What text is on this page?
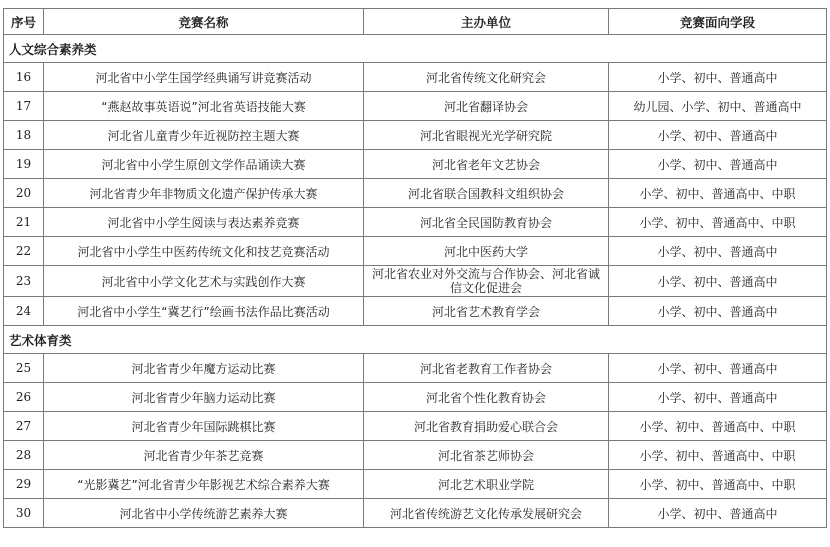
序号	竞赛名称	主办单位	竞赛面向学段
人文综合素养类			
16	河北省中小学生国学经典诵写讲竞赛活动	河北省传统文化研究会	小学、初中、普通高中
17	“燕赵故事英语说”河北省英语技能大赛	河北省翻译协会	幼儿园、小学、初中、普通高中
18	河北省儿童青少年近视防控主题大赛	河北省眼视光光学研究院	小学、初中、普通高中
19	河北省中小学生原创文学作品诵读大赛	河北省老年文艺协会	小学、初中、普通高中
20	河北省青少年非物质文化遗产保护传承大赛	河北省联合国教科文组织协会	小学、初中、普通高中、中职
21	河北省中小学生阅读与表达素养竞赛	河北省全民国防教育协会	小学、初中、普通高中、中职
22	河北省中小学生中医药传统文化和技艺竞赛活动	河北中医药大学	小学、初中、普通高中
23	河北省中小学文化艺术与实践创作大赛	河北省农业对外交流与合作协会、河北省诚信文化促进会	小学、初中、普通高中
24	河北省中小学生“冀艺行”绘画书法作品比赛活动	河北省艺术教育学会	小学、初中、普通高中
艺术体育类			
25	河北省青少年魔方运动比赛	河北省老教育工作者协会	小学、初中、普通高中
26	河北省青少年脑力运动比赛	河北省个性化教育协会	小学、初中、普通高中
27	河北省青少年国际跳棋比赛	河北省教育捐助爱心联合会	小学、初中、普通高中、中职
28	河北省青少年茶艺竞赛	河北省茶艺师协会	小学、初中、普通高中、中职
29	“光影冀艺”河北省青少年影视艺术综合素养大赛	河北艺术职业学院	小学、初中、普通高中、中职
30	河北省中小学传统游艺素养大赛	河北省传统游艺文化传承发展研究会	小学、初中、普通高中
